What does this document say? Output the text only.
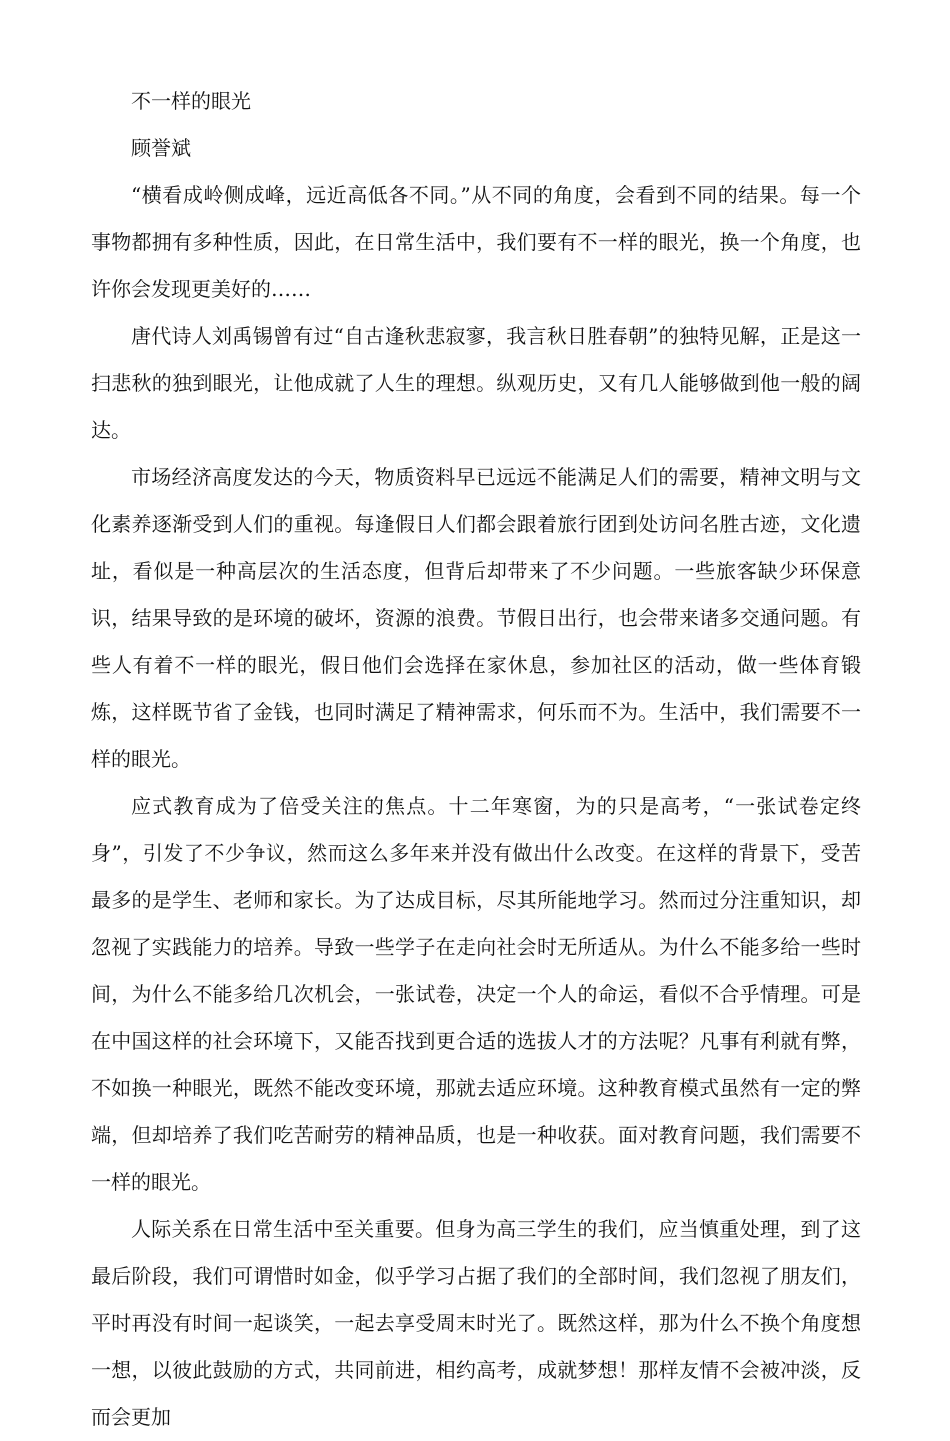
不一样的眼光

顾誉斌

“横看成岭侧成峰，远近高低各不同。”从不同的角度，会看到不同的结果。每一个事物都拥有多种性质，因此，在日常生活中，我们要有不一样的眼光，换一个角度，也许你会发现更美好的……

唐代诗人刘禹锡曾有过“自古逢秋悲寂寥，我言秋日胜春朝”的独特见解，正是这一扫悲秋的独到眼光，让他成就了人生的理想。纵观历史，又有几人能够做到他一般的阔达。

市场经济高度发达的今天，物质资料早已远远不能满足人们的需要，精神文明与文化素养逐渐受到人们的重视。每逢假日人们都会跟着旅行团到处访问名胜古迹，文化遗址，看似是一种高层次的生活态度，但背后却带来了不少问题。一些旅客缺少环保意识，结果导致的是环境的破坏，资源的浪费。节假日出行，也会带来诸多交通问题。有些人有着不一样的眼光，假日他们会选择在家休息，参加社区的活动，做一些体育锻炼，这样既节省了金钱，也同时满足了精神需求，何乐而不为。生活中，我们需要不一样的眼光。

应式教育成为了倍受关注的焦点。十二年寒窗，为的只是高考，“一张试卷定终身”，引发了不少争议，然而这么多年来并没有做出什么改变。在这样的背景下，受苦最多的是学生、老师和家长。为了达成目标，尽其所能地学习。然而过分注重知识，却忽视了实践能力的培养。导致一些学子在走向社会时无所适从。为什么不能多给一些时间，为什么不能多给几次机会，一张试卷，决定一个人的命运，看似不合乎情理。可是在中国这样的社会环境下，又能否找到更合适的选拔人才的方法呢？凡事有利就有弊，不如换一种眼光，既然不能改变环境，那就去适应环境。这种教育模式虽然有一定的弊端，但却培养了我们吃苦耐劳的精神品质，也是一种收获。面对教育问题，我们需要不一样的眼光。

人际关系在日常生活中至关重要。但身为高三学生的我们，应当慎重处理，到了这最后阶段，我们可谓惜时如金，似乎学习占据了我们的全部时间，我们忽视了朋友们，平时再没有时间一起谈笑，一起去享受周末时光了。既然这样，那为什么不换个角度想一想，以彼此鼓励的方式，共同前进，相约高考，成就梦想！那样友情不会被冲淡，反而会更加
